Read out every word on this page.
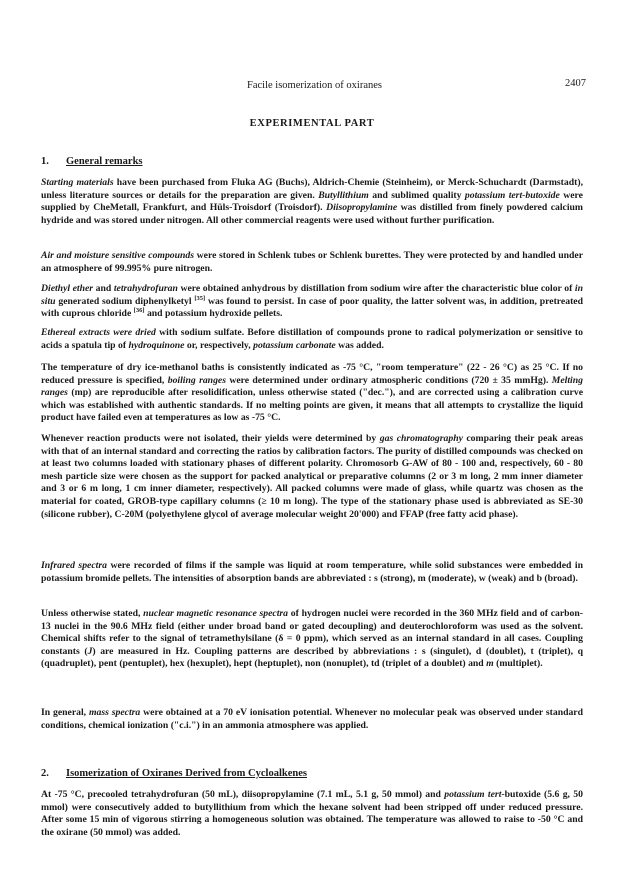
Facile isomerization of oxiranes	2407
EXPERIMENTAL PART
1. General remarks

Starting materials have been purchased from Fluka AG (Buchs), Aldrich-Chemie (Steinheim), or Merck-Schuchardt (Darmstadt), unless literature sources or details for the preparation are given. Butyllithium and sublimed quality potassium tert-butoxide were supplied by CheMetall, Frankfurt, and Hüls-Troisdorf (Troisdorf). Diisopropylamine was distilled from finely powdered calcium hydride and was stored under nitrogen. All other commercial reagents were used without further purification.

Air and moisture sensitive compounds were stored in Schlenk tubes or Schlenk burettes. They were protected by and handled under an atmosphere of 99.995% pure nitrogen.

Diethyl ether and tetrahydrofuran were obtained anhydrous by distillation from sodium wire after the characteristic blue color of in situ generated sodium diphenylketyl [35] was found to persist. In case of poor quality, the latter solvent was, in addition, pretreated with cuprous chloride [36] and potassium hydroxide pellets.

Ethereal extracts were dried with sodium sulfate. Before distillation of compounds prone to radical polymerization or sensitive to acids a spatula tip of hydroquinone or, respectively, potassium carbonate was added.

The temperature of dry ice-methanol baths is consistently indicated as -75 °C, "room temperature" (22 - 26 °C) as 25 °C. If no reduced pressure is specified, boiling ranges were determined under ordinary atmospheric conditions (720 ± 35 mmHg). Melting ranges (mp) are reproducible after resolidification, unless otherwise stated ("dec."), and are corrected using a calibration curve which was established with authentic standards. If no melting points are given, it means that all attempts to crystallize the liquid product have failed even at temperatures as low as -75 °C.

Whenever reaction products were not isolated, their yields were determined by gas chromatography comparing their peak areas with that of an internal standard and correcting the ratios by calibration factors. The purity of distilled compounds was checked on at least two columns loaded with stationary phases of different polarity. Chromosorb G-AW of 80 - 100 and, respectively, 60 - 80 mesh particle size were chosen as the support for packed analytical or preparative columns (2 or 3 m long, 2 mm inner diameter and 3 or 6 m long, 1 cm inner diameter, respectively). All packed columns were made of glass, while quartz was chosen as the material for coated, GROB-type capillary columns (≥ 10 m long). The type of the stationary phase used is abbreviated as SE-30 (silicone rubber), C-20M (polyethylene glycol of average molecular weight 20'000) and FFAP (free fatty acid phase).

Infrared spectra were recorded of films if the sample was liquid at room temperature, while solid substances were embedded in potassium bromide pellets. The intensities of absorption bands are abbreviated : s (strong), m (moderate), w (weak) and b (broad).

Unless otherwise stated, nuclear magnetic resonance spectra of hydrogen nuclei were recorded in the 360 MHz field and of carbon-13 nuclei in the 90.6 MHz field (either under broad band or gated decoupling) and deuterochloroform was used as the solvent. Chemical shifts refer to the signal of tetramethylsilane (δ = 0 ppm), which served as an internal standard in all cases. Coupling constants (J) are measured in Hz. Coupling patterns are described by abbreviations : s (singulet), d (doublet), t (triplet), q (quadruplet), pent (pentuplet), hex (hexuplet), hept (heptuplet), non (nonuplet), td (triplet of a doublet) and m (multiplet).

In general, mass spectra were obtained at a 70 eV ionisation potential. Whenever no molecular peak was observed under standard conditions, chemical ionization ("c.i.") in an ammonia atmosphere was applied.

2. Isomerization of Oxiranes Derived from Cycloalkenes

At -75 °C, precooled tetrahydrofuran (50 mL), diisopropylamine (7.1 mL, 5.1 g, 50 mmol) and potassium tert-butoxide (5.6 g, 50 mmol) were consecutively added to butyllithium from which the hexane solvent had been stripped off under reduced pressure. After some 15 min of vigorous stirring a homogeneous solution was obtained. The temperature was allowed to raise to -50 °C and the oxirane (50 mmol) was added.
